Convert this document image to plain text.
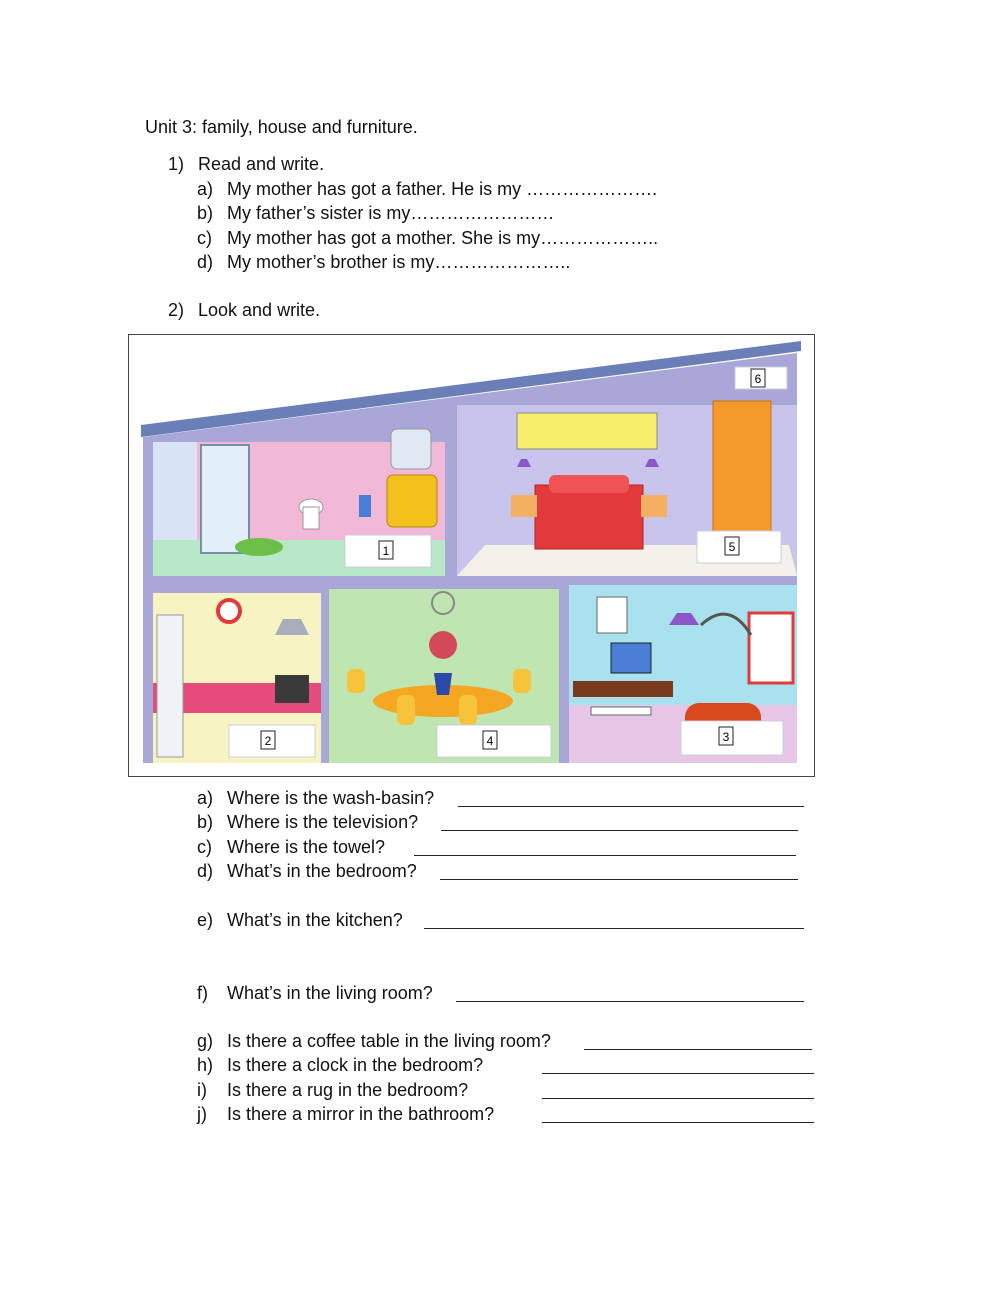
Unit 3: family, house and furniture.
1) Read and write.
a) My mother has got a father. He is my ………………….
b) My father’s sister is my……………………
c) My mother has got a mother. She is my………………..
d) My mother’s brother is my…………………..
2) Look and write.
1
2	3
4
5
6
a) Where is the wash-basin?
b) Where is the television?
c) Where is the towel?
d) What’s in the bedroom?
e) What’s in the kitchen?
f) What’s in the living room?
g) Is there a coffee table in the living room?
h) Is there a clock in the bedroom?
i) Is there a rug in the bedroom?
j) Is there a mirror in the bathroom?
